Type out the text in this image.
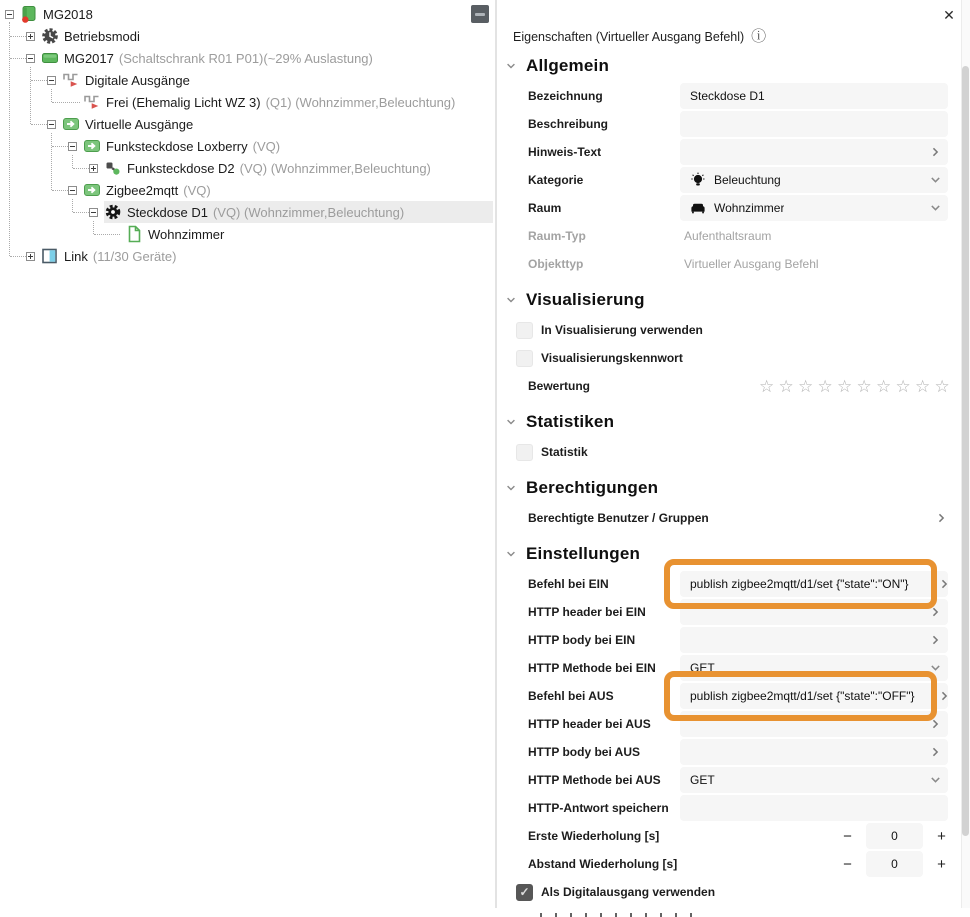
MG2018
Betriebsmodi
MG2017 (Schaltschrank R01 P01)(~29% Auslastung)
Digitale Ausgänge
Frei (Ehemalig Licht WZ 3) (Q1) (Wohnzimmer,Beleuchtung)
Virtuelle Ausgänge
Funksteckdose Loxberry (VQ)
Funksteckdose D2 (VQ) (Wohnzimmer,Beleuchtung)
Zigbee2mqtt (VQ)
Steckdose D1 (VQ) (Wohnzimmer,Beleuchtung)
Wohnzimmer
Link (11/30 Geräte)
✕
Eigenschaften (Virtueller Ausgang Befehl) ⓘ
Allgemein
Bezeichnung	Steckdose D1
Beschreibung
Hinweis-Text
Kategorie	Beleuchtung
Raum	Wohnzimmer
Raum-Typ	Aufenthaltsraum
Objekttyp	Virtueller Ausgang Befehl
Visualisierung
In Visualisierung verwenden
Visualisierungskennwort
Bewertung	☆ ☆ ☆ ☆ ☆ ☆ ☆ ☆ ☆ ☆
Statistiken
Statistik
Berechtigungen
Berechtigte Benutzer / Gruppen
Einstellungen
Befehl bei EIN	publish zigbee2mqtt/d1/set {"state":"ON"}
HTTP header bei EIN
HTTP body bei EIN
HTTP Methode bei EIN	GET
Befehl bei AUS	publish zigbee2mqtt/d1/set {"state":"OFF"}
HTTP header bei AUS
HTTP body bei AUS
HTTP Methode bei AUS	GET
HTTP-Antwort speichern
Erste Wiederholung [s]	−	0	+
Abstand Wiederholung [s]	−	0	+
✓ Als Digitalausgang verwenden
